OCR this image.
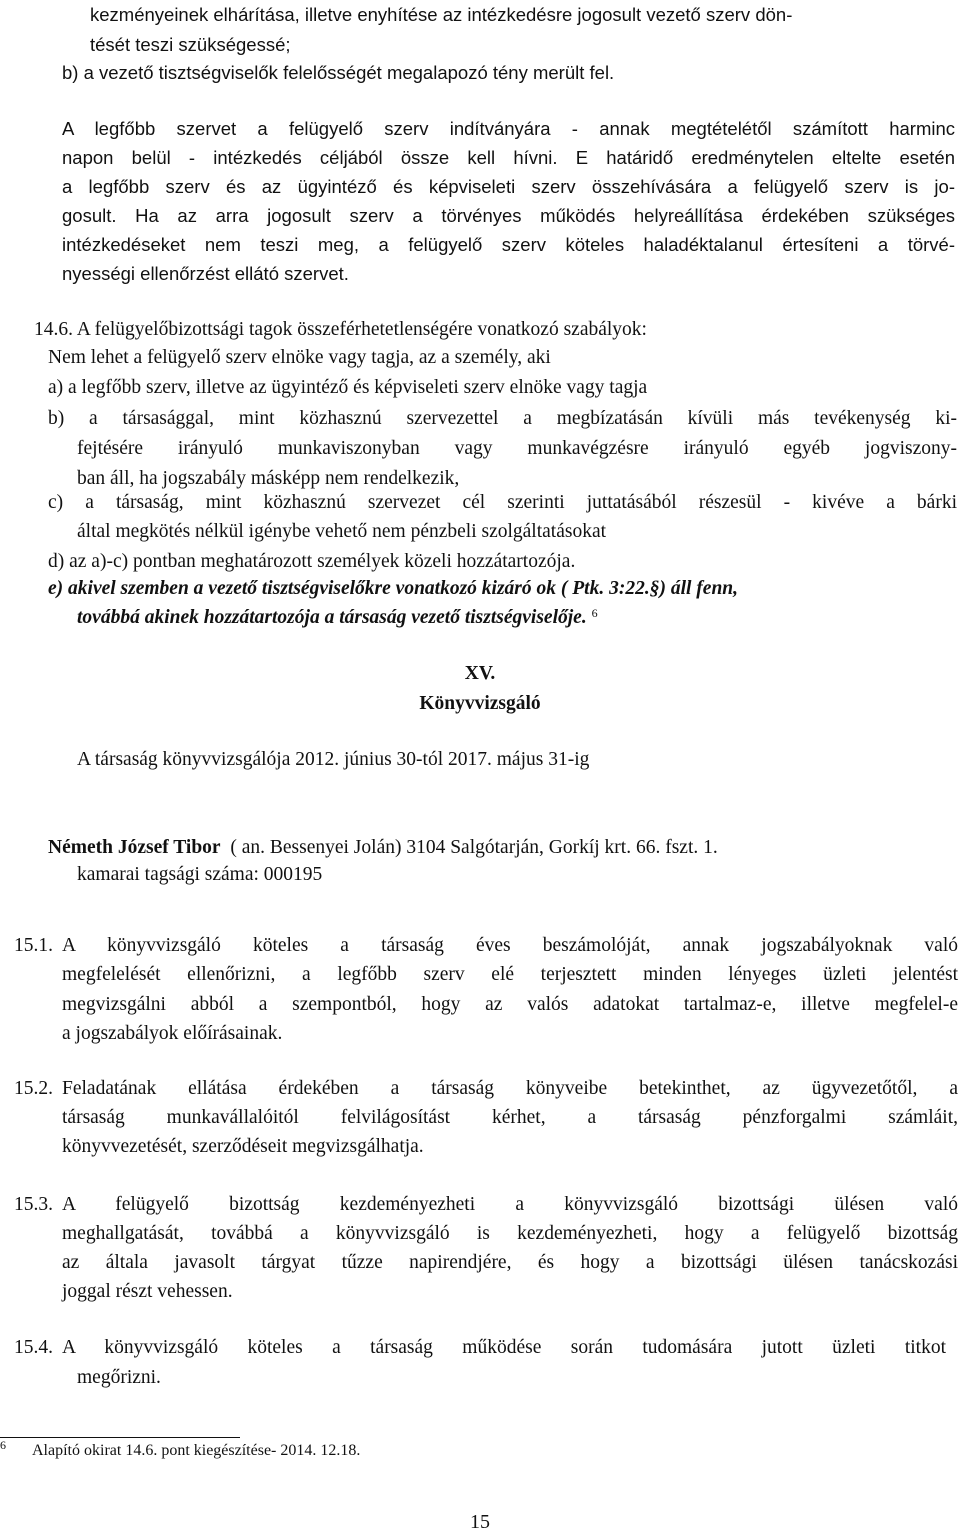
kezményeinek elhárítása, illetve enyhítése az intézkedésre jogosult vezető szerv dön-
tését teszi szükségessé;
b) a vezető tisztségviselők felelősségét megalapozó tény merült fel.
A legfőbb szervet a felügyelő szerv indítványára - annak megtételétől számított harminc
napon belül - intézkedés céljából össze kell hívni. E határidő eredménytelen eltelte esetén
a legfőbb szerv és az ügyintéző és képviseleti szerv összehívására a felügyelő szerv is jo-
gosult. Ha az arra jogosult szerv a törvényes működés helyreállítása érdekében szükséges
intézkedéseket nem teszi meg, a felügyelő szerv köteles haladéktalanul értesíteni a törvé-
nyességi ellenőrzést ellátó szervet.
14.6. A felügyelőbizottsági tagok összeférhetetlenségére vonatkozó szabályok:
Nem lehet a felügyelő szerv elnöke vagy tagja, az a személy, aki
a) a legfőbb szerv, illetve az ügyintéző és képviseleti szerv elnöke vagy tagja
b) a társasággal, mint közhasznú szervezettel a megbízatásán kívüli más tevékenység ki-
fejtésére irányuló munkaviszonyban vagy munkavégzésre irányuló egyéb jogviszony-
ban áll, ha jogszabály másképp nem rendelkezik,
c) a társaság, mint közhasznú szervezet cél szerinti juttatásából részesül - kivéve a bárki
által megkötés nélkül igénybe vehető nem pénzbeli szolgáltatásokat
d) az a)-c) pontban meghatározott személyek közeli hozzátartozója.
e) akivel szemben a vezető tisztségviselőkre vonatkozó kizáró ok ( Ptk. 3:22.§) áll fenn,
továbbá akinek hozzátartozója a társaság vezető tisztségviselője. $^6$
XV.
Könyvvizsgáló
A társaság könyvvizsgálója 2012. június 30-tól 2017. május 31-ig
Németh József Tibor ( an. Bessenyei Jolán) 3104 Salgótarján, Gorkíj krt. 66. fszt. 1.
kamarai tagsági száma: 000195
15.1. A könyvvizsgáló köteles a társaság éves beszámolóját, annak jogszabályoknak való
megfelelését ellenőrizni, a legfőbb szerv elé terjesztett minden lényeges üzleti jelentést
megvizsgálni abból a szempontból, hogy az valós adatokat tartalmaz-e, illetve megfelel-e
a jogszabályok előírásainak.
15.2. Feladatának ellátása érdekében a társaság könyveibe betekinthet, az ügyvezetőtől, a
társaság munkavállalóitól felvilágosítást kérhet, a társaság pénzforgalmi számláit,
könyvvezetését, szerződéseit megvizsgálhatja.
15.3. A felügyelő bizottság kezdeményezheti a könyvvizsgáló bizottsági ülésen való
meghallgatását, továbbá a könyvvizsgáló is kezdeményezheti, hogy a felügyelő bizottság
az általa javasolt tárgyat tűzze napirendjére, és hogy a bizottsági ülésen tanácskozási
joggal részt vehessen.
15.4. A könyvvizsgáló köteles a társaság működése során tudomására jutott üzleti titkot
megőrizni.
$^6$ Alapító okirat 14.6. pont kiegészítése- 2014. 12.18.
15
